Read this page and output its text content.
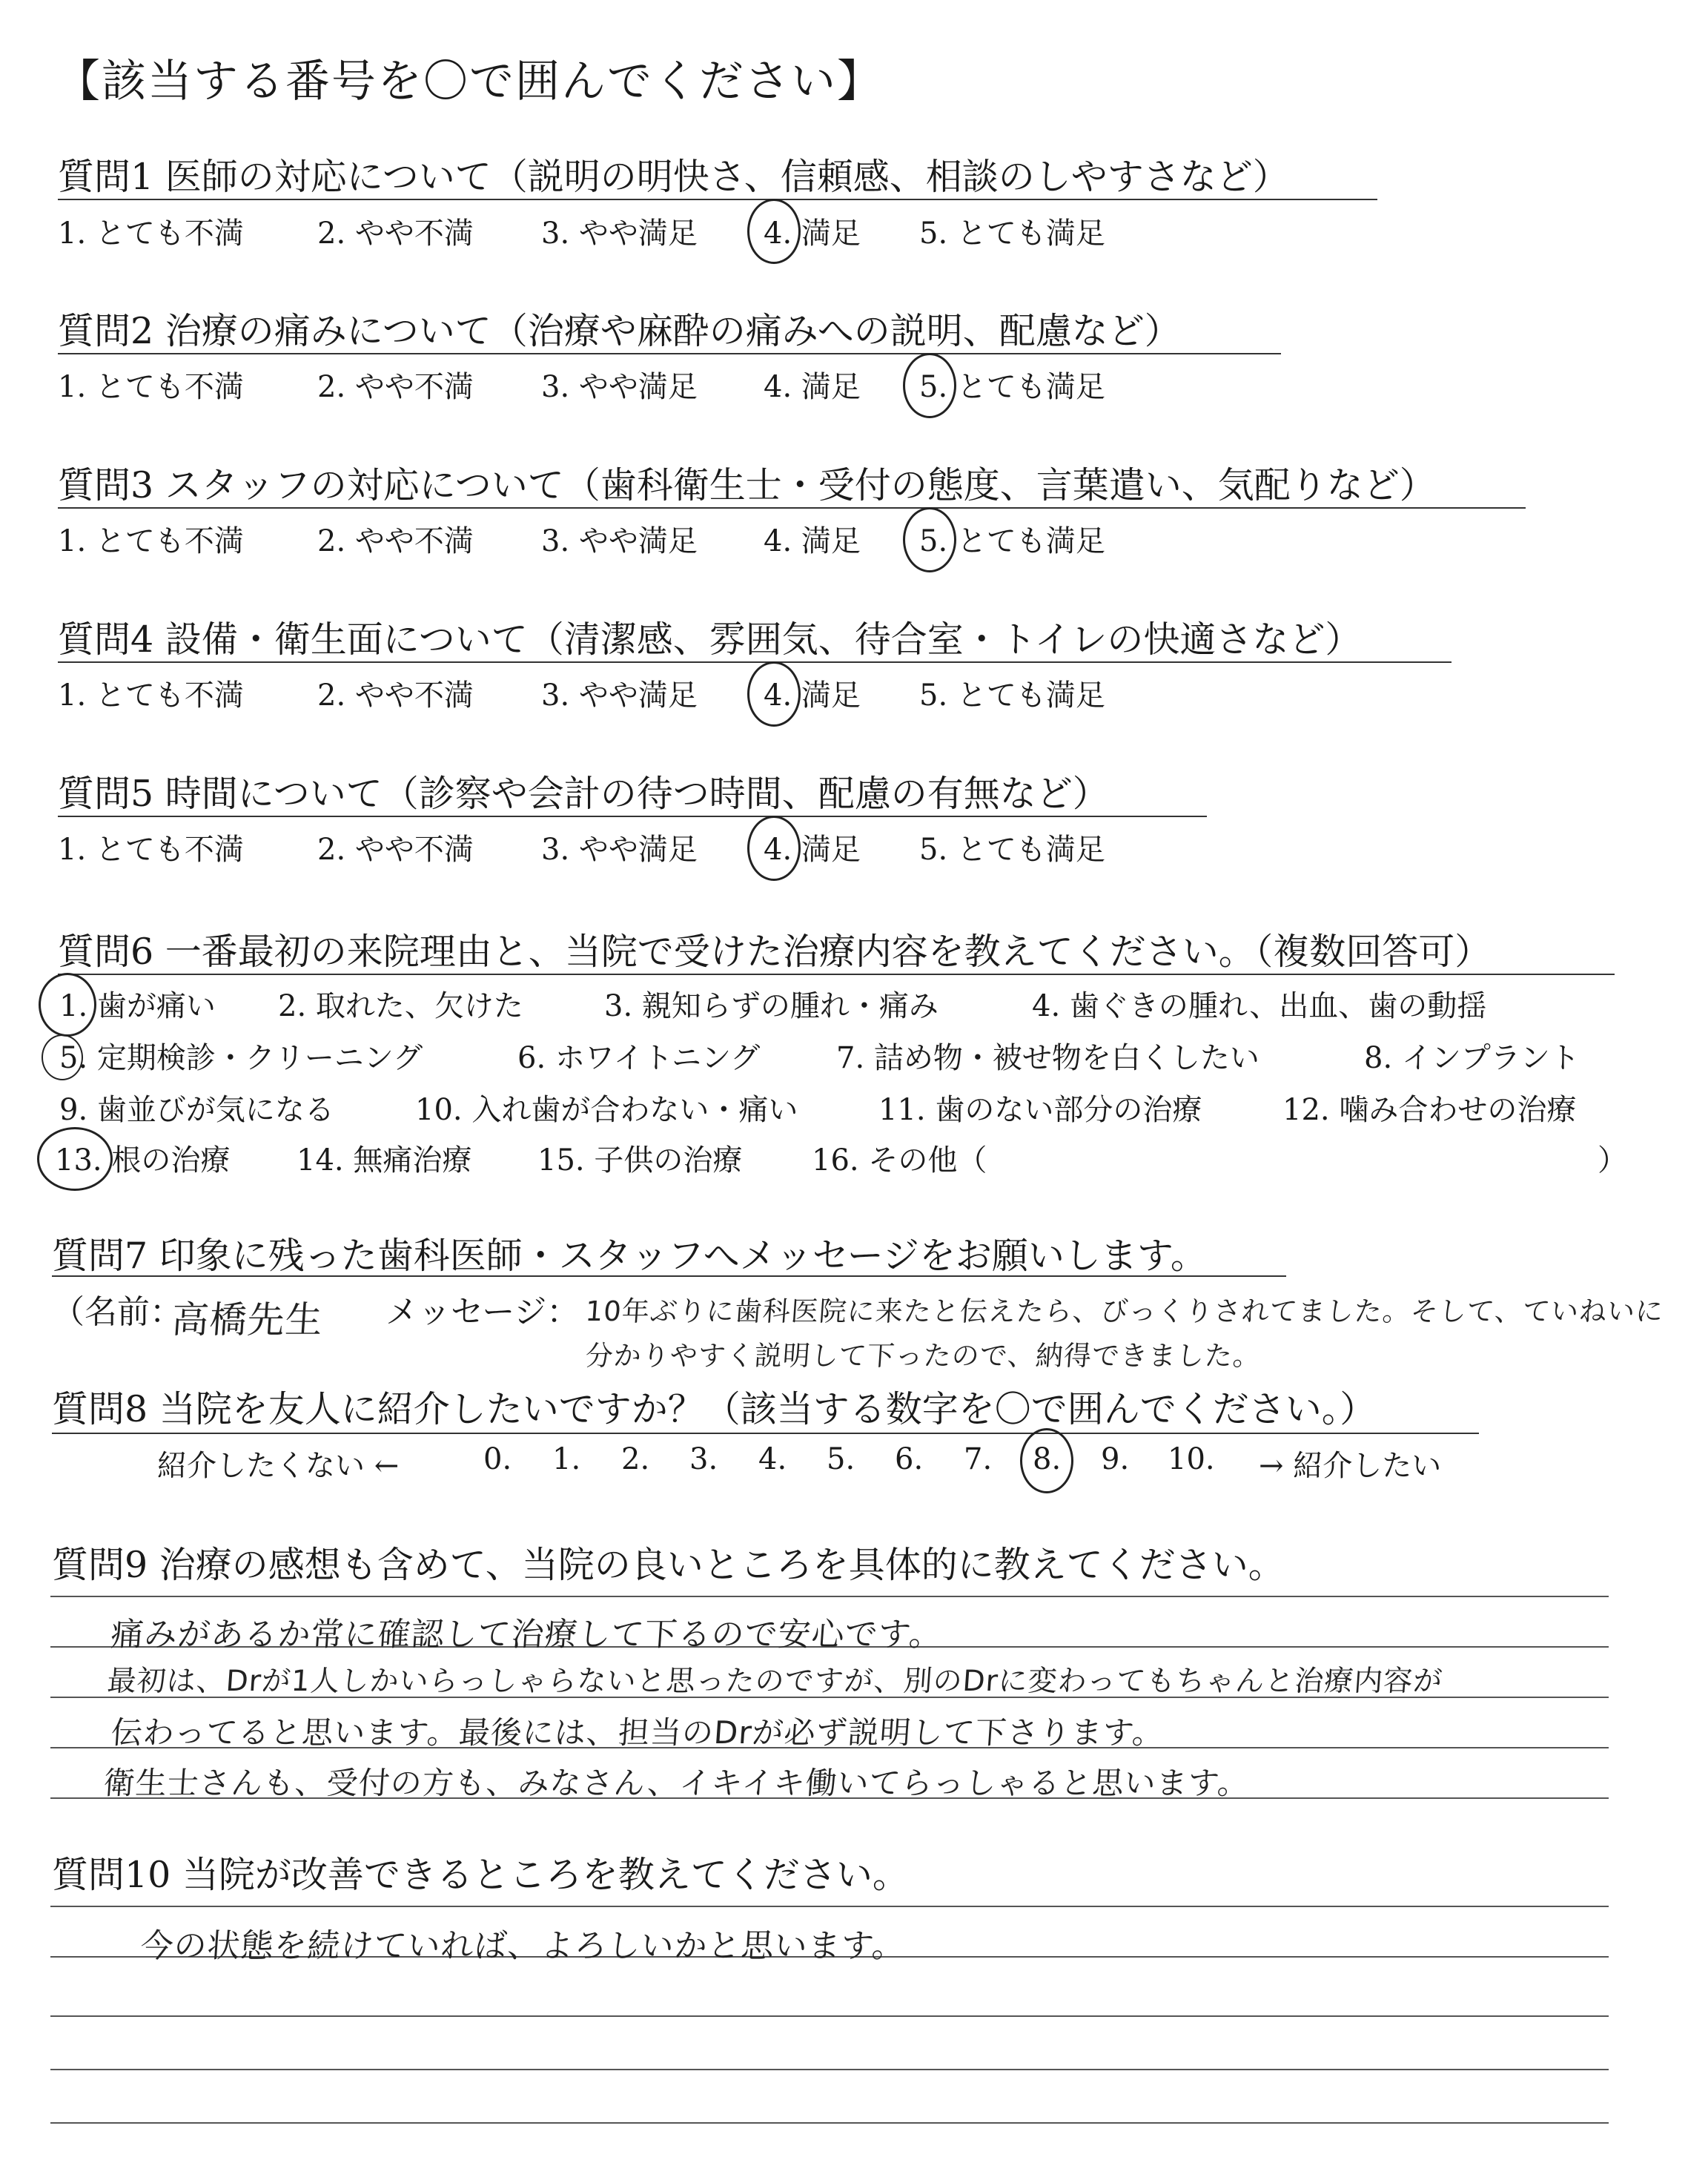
【該当する番号を〇で囲んでください】
質問1 医師の対応について（説明の明快さ、信頼感、相談のしやすさなど）
1. とても不満 2. やや不満 3. やや満足 4. 満足 5. とても満足
質問2 治療の痛みについて（治療や麻酔の痛みへの説明、配慮など）
1. とても不満 2. やや不満 3. やや満足 4. 満足 5. とても満足
質問3 スタッフの対応について（歯科衛生士・受付の態度、言葉遣い、気配りなど）
1. とても不満 2. やや不満 3. やや満足 4. 満足 5. とても満足
質問4 設備・衛生面について（清潔感、雰囲気、待合室・トイレの快適さなど）
1. とても不満 2. やや不満 3. やや満足 4. 満足 5. とても満足
質問5 時間について（診察や会計の待つ時間、配慮の有無など）
1. とても不満 2. やや不満 3. やや満足 4. 満足 5. とても満足
質問6 一番最初の来院理由と、当院で受けた治療内容を教えてください。（複数回答可）
1. 歯が痛い 2. 取れた、欠けた	3. 親知らずの腫れ・痛み	4. 歯ぐきの腫れ、出血、歯の動揺
5. 定期検診・クリーニング	6. ホワイトニング	7. 詰め物・被せ物を白くしたい	8. インプラント
9. 歯並びが気になる	10. 入れ歯が合わない・痛い	11. 歯のない部分の治療	12. 噛み合わせの治療
13. 根の治療 14. 無痛治療 15. 子供の治療 16. その他（	）
質問7 印象に残った歯科医師・スタッフへメッセージをお願いします。
（名前：
高橋先生 メッセージ： 10年ぶりに歯科医院に来たと伝えたら、びっくりされてました。そして、ていねいに
分かりやすく説明して下ったので、納得できました。
質問8 当院を友人に紹介したいですか？（該当する数字を〇で囲んでください。）
紹介したくない ←	0. 1. 2. 3. 4. 5. 6. 7. 8. 9. 10. → 紹介したい
質問9 治療の感想も含めて、当院の良いところを具体的に教えてください。
痛みがあるか常に確認して治療して下るので安心です。
最初は、Drが1人しかいらっしゃらないと思ったのですが、別のDrに変わってもちゃんと治療内容が
伝わってると思います。最後には、担当のDrが必ず説明して下さります。
衛生士さんも、受付の方も、みなさん、イキイキ働いてらっしゃると思います。
質問10 当院が改善できるところを教えてください。
今の状態を続けていれば、よろしいかと思います。
